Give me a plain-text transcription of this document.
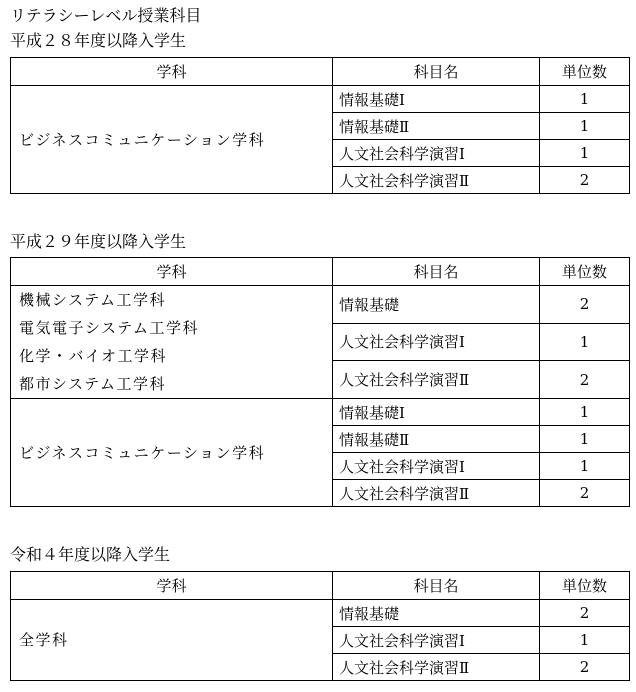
リテラシーレベル授業科目
平成２８年度以降入学生
学科	科目名	単位数

ビジネスコミュニケーション学科	情報基礎Ⅰ	1
	情報基礎Ⅱ	1
	人文社会科学演習Ⅰ	1
	人文社会科学演習Ⅱ	2
平成２９年度以降入学生
学科	科目名	単位数

機械システム工学科
電気電子システム工学科
化学・バイオ工学科
都市システム工学科	情報基礎	2
	人文社会科学演習Ⅰ	1
	人文社会科学演習Ⅱ	2

ビジネスコミュニケーション学科	情報基礎Ⅰ	1
	情報基礎Ⅱ	1
	人文社会科学演習Ⅰ	1
	人文社会科学演習Ⅱ	2
令和４年度以降入学生
学科	科目名	単位数

全学科	情報基礎	2
	人文社会科学演習Ⅰ	1
	人文社会科学演習Ⅱ	2
